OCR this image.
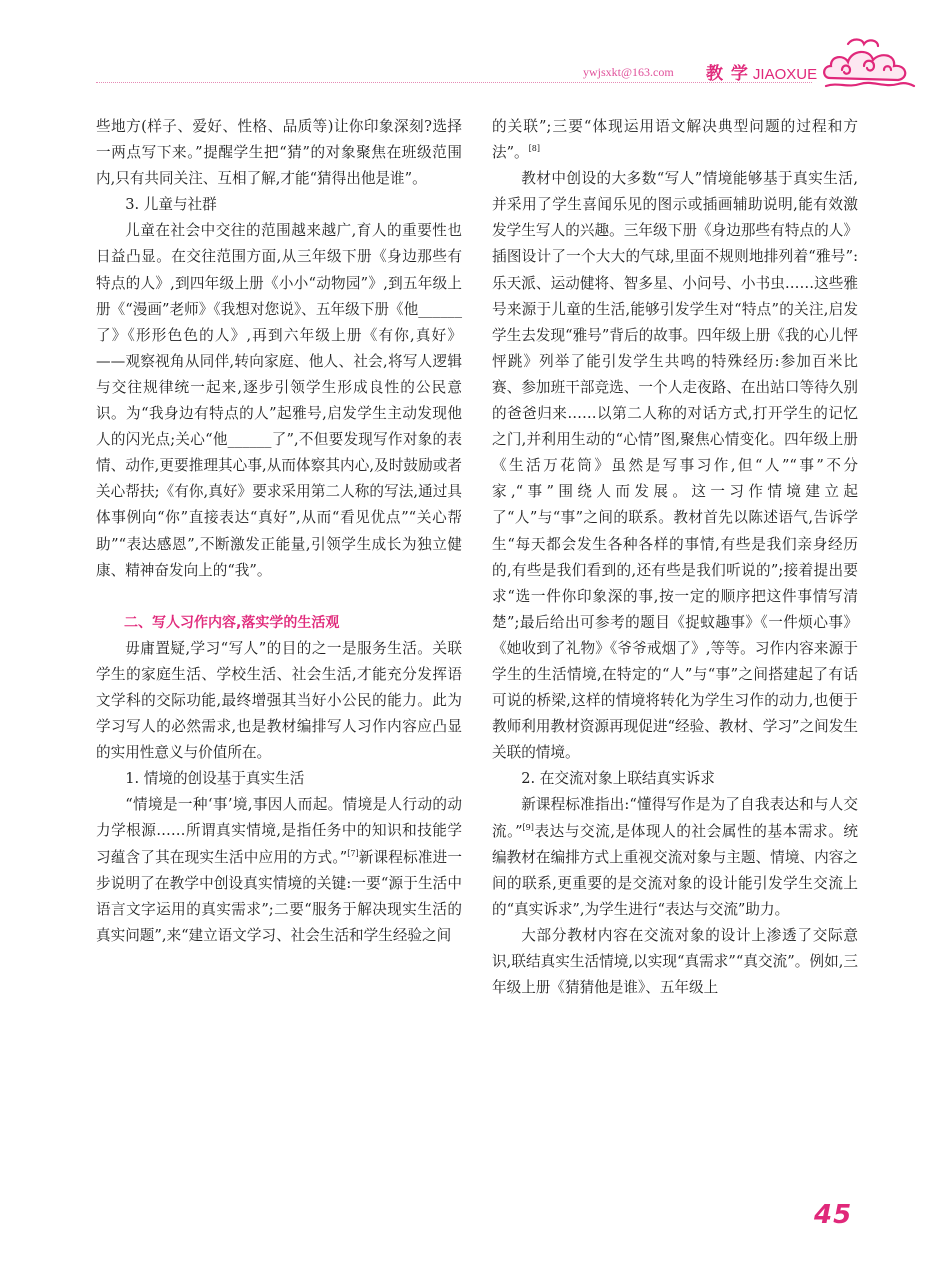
ywjsxkt@163.com 教 学 JIAOXUE

些地方(样子、爱好、性格、品质等)让你印象深刻?选择一两点写下来。”提醒学生把“猜”的对象聚焦在班级范围内,只有共同关注、互相了解,才能“猜得出他是谁”。

3. 儿童与社群

儿童在社会中交往的范围越来越广,育人的重要性也日益凸显。在交往范围方面,从三年级下册《身边那些有特点的人》,到四年级上册《小小“动物园”》,到五年级上册《“漫画”老师》《我想对您说》、五年级下册《他______了》《形形色色的人》,再到六年级上册《有你,真好》——观察视角从同伴,转向家庭、他人、社会,将写人逻辑与交往规律统一起来,逐步引领学生形成良性的公民意识。为“我身边有特点的人”起雅号,启发学生主动发现他人的闪光点;关心“他______了”,不但要发现写作对象的表情、动作,更要推理其心事,从而体察其内心,及时鼓励或者关心帮扶;《有你,真好》要求采用第二人称的写法,通过具体事例向“你”直接表达“真好”,从而“看见优点”“关心帮助”“表达感恩”,不断激发正能量,引领学生成长为独立健康、精神奋发向上的“我”。

二、写人习作内容,落实学的生活观

毋庸置疑,学习“写人”的目的之一是服务生活。关联学生的家庭生活、学校生活、社会生活,才能充分发挥语文学科的交际功能,最终增强其当好小公民的能力。此为学习写人的必然需求,也是教材编排写人习作内容应凸显的实用性意义与价值所在。

1. 情境的创设基于真实生活

“情境是一种‘事’境,事因人而起。情境是人行动的动力学根源……所谓真实情境,是指任务中的知识和技能学习蕴含了其在现实生活中应用的方式。”[7]新课程标准进一步说明了在教学中创设真实情境的关键:一要“源于生活中语言文字运用的真实需求”;二要“服务于解决现实生活的真实问题”,来“建立语文学习、社会生活和学生经验之间

的关联”;三要“体现运用语文解决典型问题的过程和方法”。[8]

教材中创设的大多数“写人”情境能够基于真实生活,并采用了学生喜闻乐见的图示或插画辅助说明,能有效激发学生写人的兴趣。三年级下册《身边那些有特点的人》插图设计了一个大大的气球,里面不规则地排列着“雅号”:乐天派、运动健将、智多星、小问号、小书虫……这些雅号来源于儿童的生活,能够引发学生对“特点”的关注,启发学生去发现“雅号”背后的故事。四年级上册《我的心儿怦怦跳》列举了能引发学生共鸣的特殊经历:参加百米比赛、参加班干部竞选、一个人走夜路、在出站口等待久别的爸爸归来……以第二人称的对话方式,打开学生的记忆之门,并利用生动的“心情”图,聚焦心情变化。四年级上册《生活万花筒》虽然是写事习作,但“人”“事”不分家,“事”围绕人而发展。这一习作情境建立起了“人”与“事”之间的联系。教材首先以陈述语气,告诉学生“每天都会发生各种各样的事情,有些是我们亲身经历的,有些是我们看到的,还有些是我们听说的”;接着提出要求“选一件你印象深的事,按一定的顺序把这件事情写清楚”;最后给出可参考的题目《捉蚊趣事》《一件烦心事》《她收到了礼物》《爷爷戒烟了》,等等。习作内容来源于学生的生活情境,在特定的“人”与“事”之间搭建起了有话可说的桥梁,这样的情境将转化为学生习作的动力,也便于教师利用教材资源再现促进“经验、教材、学习”之间发生关联的情境。

2. 在交流对象上联结真实诉求

新课程标准指出:“懂得写作是为了自我表达和与人交流。”[9]表达与交流,是体现人的社会属性的基本需求。统编教材在编排方式上重视交流对象与主题、情境、内容之间的联系,更重要的是交流对象的设计能引发学生交流上的“真实诉求”,为学生进行“表达与交流”助力。

大部分教材内容在交流对象的设计上渗透了交际意识,联结真实生活情境,以实现“真需求”“真交流”。例如,三年级上册《猜猜他是谁》、五年级上

45
